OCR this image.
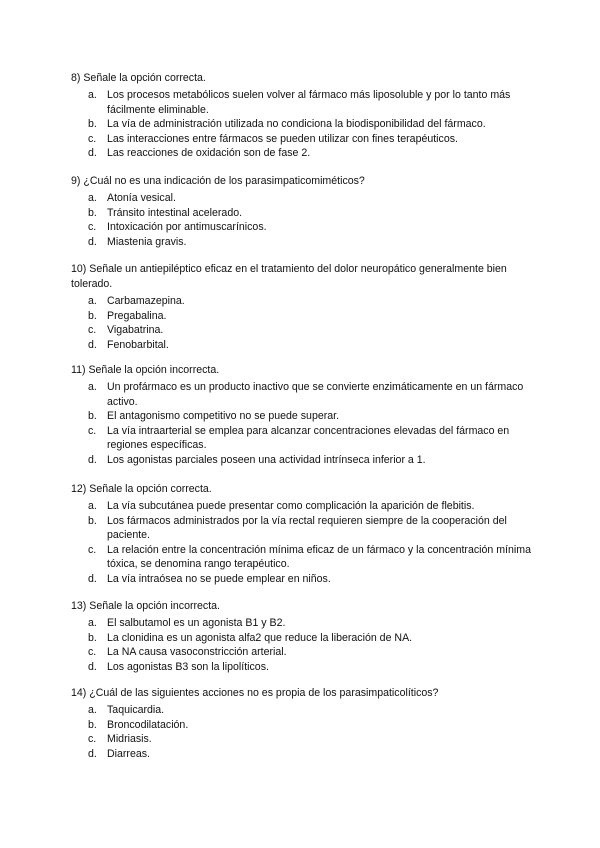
8) Señale la opción correcta.
a. Los procesos metabólicos suelen volver al fármaco más liposoluble y por lo tanto más fácilmente eliminable.
b. La vía de administración utilizada no condiciona la biodisponibilidad del fármaco.
c. Las interacciones entre fármacos se pueden utilizar con fines terapéuticos.
d. Las reacciones de oxidación son de fase 2.
9) ¿Cuál no es una indicación de los parasimpaticomiméticos?
a. Atonía vesical.
b. Tránsito intestinal acelerado.
c. Intoxicación por antimuscarínicos.
d. Miastenia gravis.
10) Señale un antiepiléptico eficaz en el tratamiento del dolor neuropático generalmente bien tolerado.
a. Carbamazepina.
b. Pregabalina.
c. Vigabatrina.
d. Fenobarbital.
11) Señale la opción incorrecta.
a. Un profármaco es un producto inactivo que se convierte enzimáticamente en un fármaco activo.
b. El antagonismo competitivo no se puede superar.
c. La vía intraarterial se emplea para alcanzar concentraciones elevadas del fármaco en regiones específicas.
d. Los agonistas parciales poseen una actividad intrínseca inferior a 1.
12) Señale la opción correcta.
a. La vía subcutánea puede presentar como complicación la aparición de flebitis.
b. Los fármacos administrados por la vía rectal requieren siempre de la cooperación del paciente.
c. La relación entre la concentración mínima eficaz de un fármaco y la concentración mínima tóxica, se denomina rango terapéutico.
d. La vía intraósea no se puede emplear en niños.
13) Señale la opción incorrecta.
a. El salbutamol es un agonista B1 y B2.
b. La clonidina es un agonista alfa2 que reduce la liberación de NA.
c. La NA causa vasoconstricción arterial.
d. Los agonistas B3 son la lipolíticos.
14) ¿Cuál de las siguientes acciones no es propia de los parasimpaticolíticos?
a. Taquicardia.
b. Broncodilatación.
c. Midriasis.
d. Diarreas.
